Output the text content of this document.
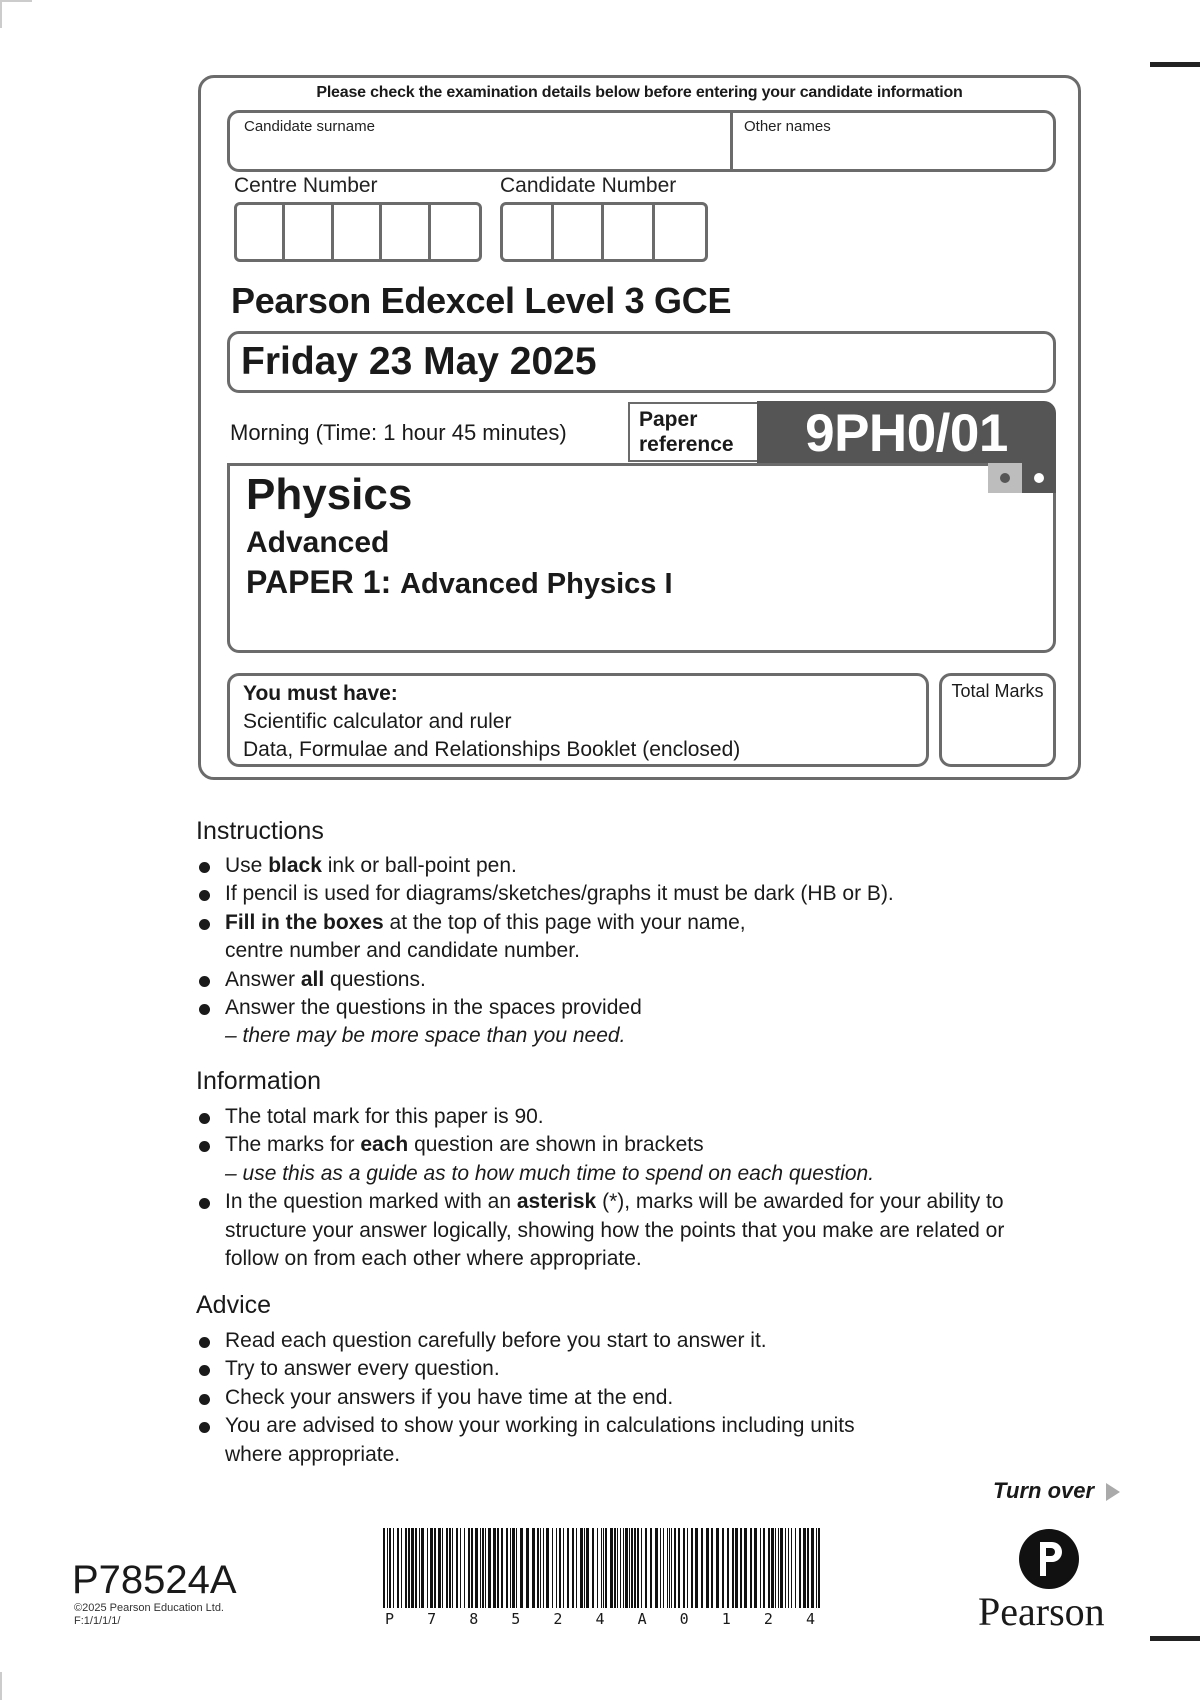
Please check the examination details below before entering your candidate information
Candidate surname	Other names
Centre Number	Candidate Number
Pearson Edexcel Level 3 GCE
Friday 23 May 2025
Morning (Time: 1 hour 45 minutes)
Paper reference	9PH0/01
Physics
Advanced
PAPER 1: Advanced Physics I
You must have:
Scientific calculator and ruler
Data, Formulae and Relationships Booklet (enclosed)
Total Marks
Instructions
Use black ink or ball-point pen.
If pencil is used for diagrams/sketches/graphs it must be dark (HB or B).
Fill in the boxes at the top of this page with your name,
centre number and candidate number.
Answer all questions.
Answer the questions in the spaces provided
– there may be more space than you need.
Information
The total mark for this paper is 90.
The marks for each question are shown in brackets
– use this as a guide as to how much time to spend on each question.
In the question marked with an asterisk (*), marks will be awarded for your ability to
structure your answer logically, showing how the points that you make are related or
follow on from each other where appropriate.
Advice
Read each question carefully before you start to answer it.
Try to answer every question.
Check your answers if you have time at the end.
You are advised to show your working in calculations including units
where appropriate.
Turn over
P78524A
©2025 Pearson Education Ltd.
F:1/1/1/1/	P 7 8 5 2 4 A 0 1 2 4	Pearson
